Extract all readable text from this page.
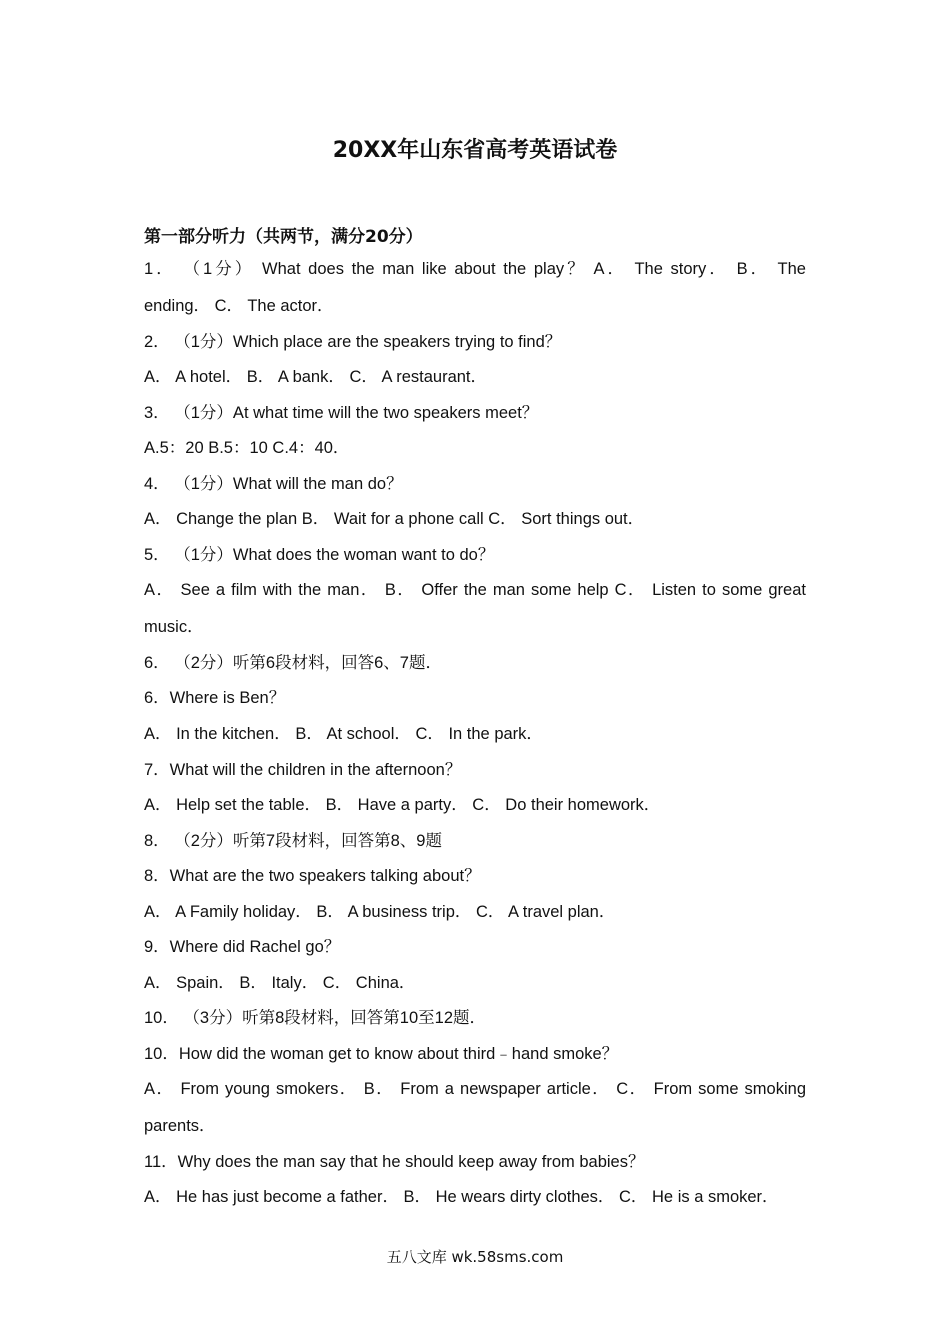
20XX年山东省高考英语试卷
第一部分听力（共两节，满分20分）
1． （1分） What does the man like about the play？ A． The story． B． The
ending． C． The actor．
2． （1分）Which place are the speakers trying to find？
A． A hotel． B． A bank． C． A restaurant．
3． （1分）At what time will the two speakers meet？
A.5：20 B.5：10 C.4：40．
4． （1分）What will the man do？
A． Change the plan B． Wait for a phone call C． Sort things out．
5． （1分）What does the woman want to do？
A． See a film with the man． B． Offer the man some help C． Listen to some great
music．
6． （2分）听第6段材料，回答6、7题．
6．Where is Ben？
A． In the kitchen． B． At school． C． In the park．
7．What will the children in the afternoon？
A． Help set the table． B． Have a party． C． Do their homework．
8． （2分）听第7段材料，回答第8、9题
8．What are the two speakers talking about？
A． A Family holiday． B． A business trip． C． A travel plan．
9．Where did Rachel go？
A． Spain． B． Italy． C． China．
10． （3分）听第8段材料，回答第10至12题．
10．How did the woman get to know about third﹣hand smoke？
A． From young smokers． B． From a newspaper article． C． From some smoking
parents．
11．Why does the man say that he should keep away from babies？
A． He has just become a father． B． He wears dirty clothes． C． He is a smoker．
五八文库 wk.58sms.com
